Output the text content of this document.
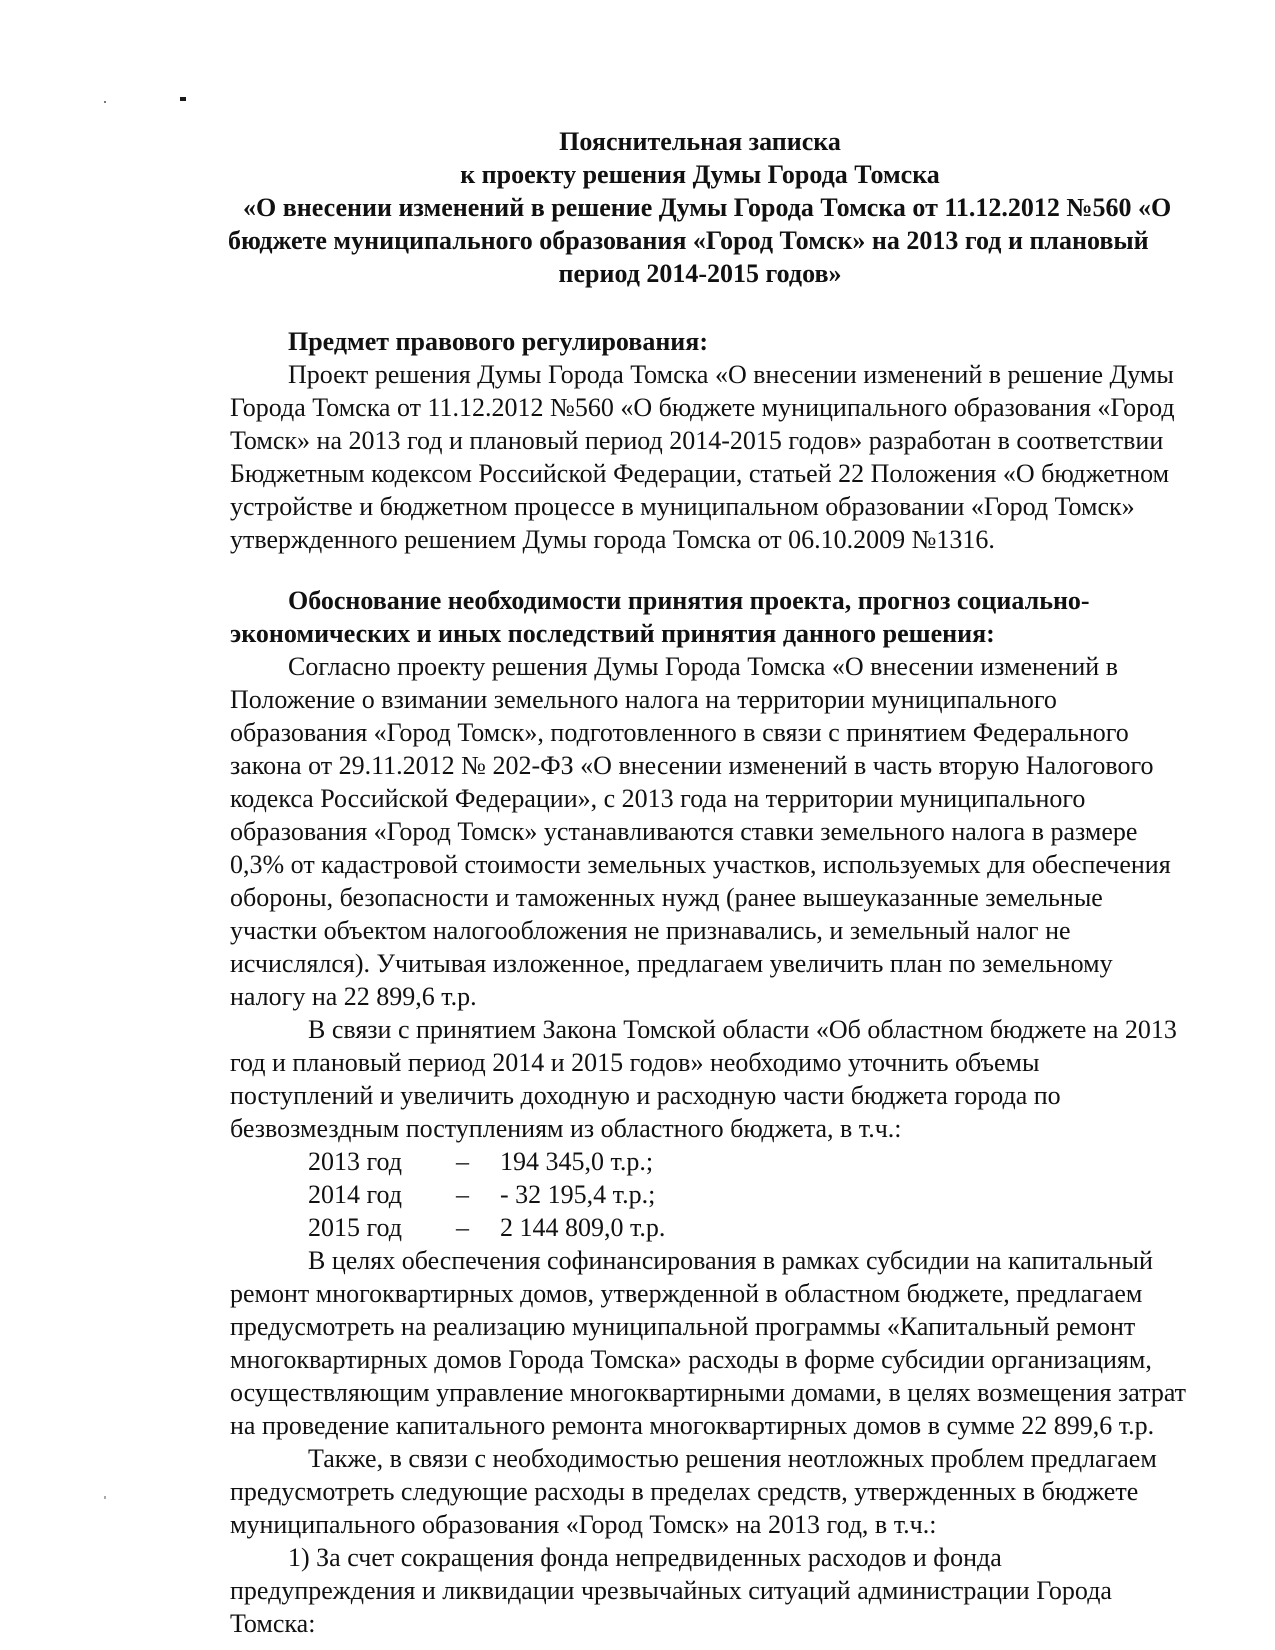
Пояснительная записка
к проекту решения Думы Города Томска
«О внесении изменений в решение Думы Города Томска от 11.12.2012 №560 «О
бюджете муниципального образования «Город Томск» на 2013 год и плановый
период 2014-2015 годов»
Предмет правового регулирования:
Проект решения Думы Города Томска «О внесении изменений в решение Думы
Города Томска от 11.12.2012 №560 «О бюджете муниципального образования «Город
Томск» на 2013 год и плановый период 2014-2015 годов» разработан в соответствии
Бюджетным кодексом Российской Федерации, статьей 22 Положения «О бюджетном
устройстве и бюджетном процессе в муниципальном образовании «Город Томск»
утвержденного решением Думы города Томска от 06.10.2009 №1316.
Обоснование необходимости принятия проекта, прогноз социально-
экономических и иных последствий принятия данного решения:
Согласно проекту решения Думы Города Томска «О внесении изменений в
Положение о взимании земельного налога на территории муниципального
образования «Город Томск», подготовленного в связи с принятием Федерального
закона от 29.11.2012 № 202-ФЗ «О внесении изменений в часть вторую Налогового
кодекса Российской Федерации», с 2013 года на территории муниципального
образования «Город Томск» устанавливаются ставки земельного налога в размере
0,3% от кадастровой стоимости земельных участков, используемых для обеспечения
обороны, безопасности и таможенных нужд (ранее вышеуказанные земельные
участки объектом налогообложения не признавались, и земельный налог не
исчислялся). Учитывая изложенное, предлагаем увеличить план по земельному
налогу на 22 899,6 т.р.
В связи с принятием Закона Томской области «Об областном бюджете на 2013
год и плановый период 2014 и 2015 годов» необходимо уточнить объемы
поступлений и увеличить доходную и расходную части бюджета города по
безвозмездным поступлениям из областного бюджета, в т.ч.:
2013 год – 194 345,0 т.р.;
2014 год – - 32 195,4 т.р.;
2015 год – 2 144 809,0 т.р.
В целях обеспечения софинансирования в рамках субсидии на капитальный
ремонт многоквартирных домов, утвержденной в областном бюджете, предлагаем
предусмотреть на реализацию муниципальной программы «Капитальный ремонт
многоквартирных домов Города Томска» расходы в форме субсидии организациям,
осуществляющим управление многоквартирными домами, в целях возмещения затрат
на проведение капитального ремонта многоквартирных домов в сумме 22 899,6 т.р.
Также, в связи с необходимостью решения неотложных проблем предлагаем
предусмотреть следующие расходы в пределах средств, утвержденных в бюджете
муниципального образования «Город Томск» на 2013 год, в т.ч.:
1) За счет сокращения фонда непредвиденных расходов и фонда
предупреждения и ликвидации чрезвычайных ситуаций администрации Города
Томска:
